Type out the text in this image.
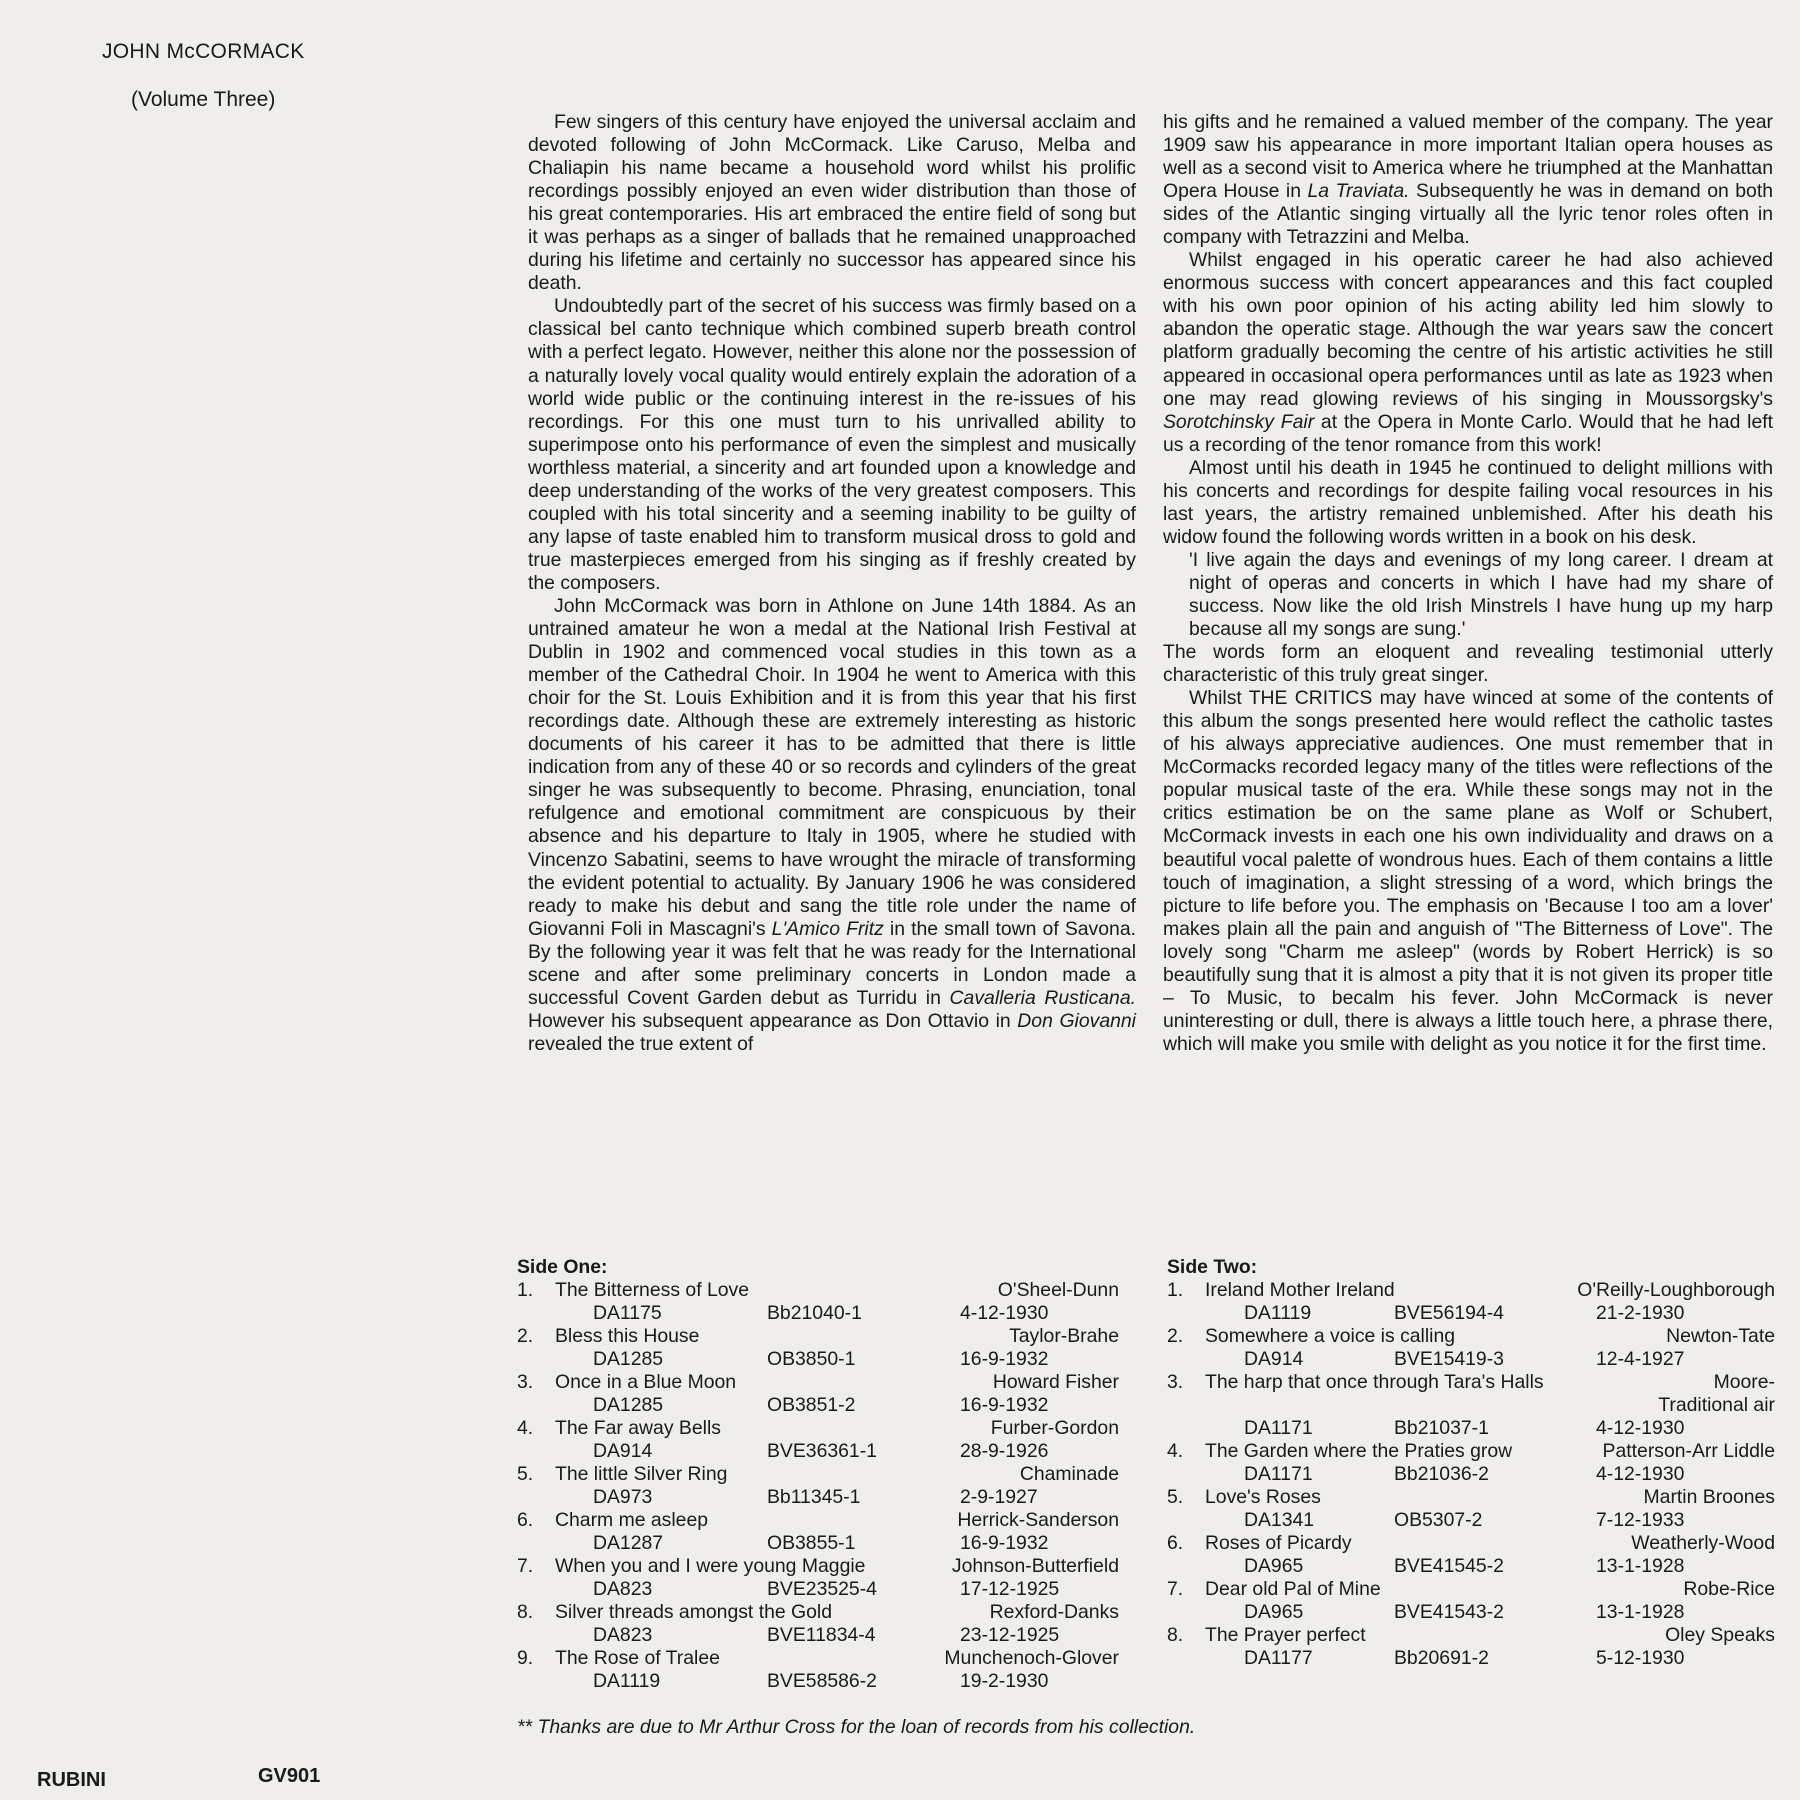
JOHN McCORMACK
(Volume Three)

Few singers of this century have enjoyed the universal acclaim and devoted following of John McCormack. Like Caruso, Melba and Chaliapin his name became a household word whilst his prolific recordings possibly enjoyed an even wider distribution than those of his great contemporaries. His art embraced the entire field of song but it was perhaps as a singer of ballads that he remained unapproached during his lifetime and certainly no successor has appeared since his death.

Undoubtedly part of the secret of his success was firmly based on a classical bel canto technique which combined superb breath control with a perfect legato. However, neither this alone nor the possession of a naturally lovely vocal quality would entirely explain the adoration of a world wide public or the continuing interest in the re-issues of his recordings. For this one must turn to his unrivalled ability to superimpose onto his performance of even the simplest and musically worthless material, a sincerity and art founded upon a knowledge and deep understanding of the works of the very greatest composers. This coupled with his total sincerity and a seeming inability to be guilty of any lapse of taste enabled him to transform musical dross to gold and true masterpieces emerged from his singing as if freshly created by the composers.

John McCormack was born in Athlone on June 14th 1884. As an untrained amateur he won a medal at the National Irish Festival at Dublin in 1902 and commenced vocal studies in this town as a member of the Cathedral Choir. In 1904 he went to America with this choir for the St. Louis Exhibition and it is from this year that his first recordings date. Although these are extremely interesting as historic documents of his career it has to be admitted that there is little indication from any of these 40 or so records and cylinders of the great singer he was subsequently to become. Phrasing, enunciation, tonal refulgence and emotional commitment are conspicuous by their absence and his departure to Italy in 1905, where he studied with Vincenzo Sabatini, seems to have wrought the miracle of transforming the evident potential to actuality. By January 1906 he was considered ready to make his debut and sang the title role under the name of Giovanni Foli in Mascagni's L'Amico Fritz in the small town of Savona. By the following year it was felt that he was ready for the International scene and after some preliminary concerts in London made a successful Covent Garden debut as Turridu in Cavalleria Rusticana. However his subsequent appearance as Don Ottavio in Don Giovanni revealed the true extent of

his gifts and he remained a valued member of the company. The year 1909 saw his appearance in more important Italian opera houses as well as a second visit to America where he triumphed at the Manhattan Opera House in La Traviata. Subsequently he was in demand on both sides of the Atlantic singing virtually all the lyric tenor roles often in company with Tetrazzini and Melba.

Whilst engaged in his operatic career he had also achieved enormous success with concert appearances and this fact coupled with his own poor opinion of his acting ability led him slowly to abandon the operatic stage. Although the war years saw the concert platform gradually becoming the centre of his artistic activities he still appeared in occasional opera performances until as late as 1923 when one may read glowing reviews of his singing in Moussorgsky's Sorotchinsky Fair at the Opera in Monte Carlo. Would that he had left us a recording of the tenor romance from this work!

Almost until his death in 1945 he continued to delight millions with his concerts and recordings for despite failing vocal resources in his last years, the artistry remained unblemished. After his death his widow found the following words written in a book on his desk.

'I live again the days and evenings of my long career. I dream at night of operas and concerts in which I have had my share of success. Now like the old Irish Minstrels I have hung up my harp because all my songs are sung.'

The words form an eloquent and revealing testimonial utterly characteristic of this truly great singer.

Whilst THE CRITICS may have winced at some of the contents of this album the songs presented here would reflect the catholic tastes of his always appreciative audiences. One must remember that in McCormacks recorded legacy many of the titles were reflections of the popular musical taste of the era. While these songs may not in the critics estimation be on the same plane as Wolf or Schubert, McCormack invests in each one his own individuality and draws on a beautiful vocal palette of wondrous hues. Each of them contains a little touch of imagination, a slight stressing of a word, which brings the picture to life before you. The emphasis on 'Because I too am a lover' makes plain all the pain and anguish of "The Bitterness of Love". The lovely song "Charm me asleep" (words by Robert Herrick) is so beautifully sung that it is almost a pity that it is not given its proper title – To Music, to becalm his fever. John McCormack is never uninteresting or dull, there is always a little touch here, a phrase there, which will make you smile with delight as you notice it for the first time.

Side One:
1.	The Bitterness of Love	O'Sheel-Dunn
DA1175	Bb21040-1	4-12-1930
2.	Bless this House	Taylor-Brahe
DA1285	OB3850-1	16-9-1932
3.	Once in a Blue Moon	Howard Fisher
DA1285	OB3851-2	16-9-1932
4.	The Far away Bells	Furber-Gordon
DA914	BVE36361-1	28-9-1926
5.	The little Silver Ring	Chaminade
DA973	Bb11345-1	2-9-1927
6.	Charm me asleep	Herrick-Sanderson
DA1287	OB3855-1	16-9-1932
7.	When you and I were young Maggie	Johnson-Butterfield
DA823	BVE23525-4	17-12-1925
8.	Silver threads amongst the Gold	Rexford-Danks
DA823	BVE11834-4	23-12-1925
9.	The Rose of Tralee	Munchenoch-Glover
DA1119	BVE58586-2	19-2-1930
Side Two:
1.	Ireland Mother Ireland	O'Reilly-Loughborough
DA1119	BVE56194-4	21-2-1930
2.	Somewhere a voice is calling	Newton-Tate
DA914	BVE15419-3	12-4-1927
3.	The harp that once through Tara's Halls	Moore-
Traditional air
DA1171	Bb21037-1	4-12-1930
4.	The Garden where the Praties grow	Patterson-Arr Liddle
DA1171	Bb21036-2	4-12-1930
5.	Love's Roses	Martin Broones
DA1341	OB5307-2	7-12-1933
6.	Roses of Picardy	Weatherly-Wood
DA965	BVE41545-2	13-1-1928
7.	Dear old Pal of Mine	Robe-Rice
DA965	BVE41543-2	13-1-1928
8.	The Prayer perfect	Oley Speaks
DA1177	Bb20691-2	5-12-1930
** Thanks are due to Mr Arthur Cross for the loan of records from his collection.
RUBINI	GV901
